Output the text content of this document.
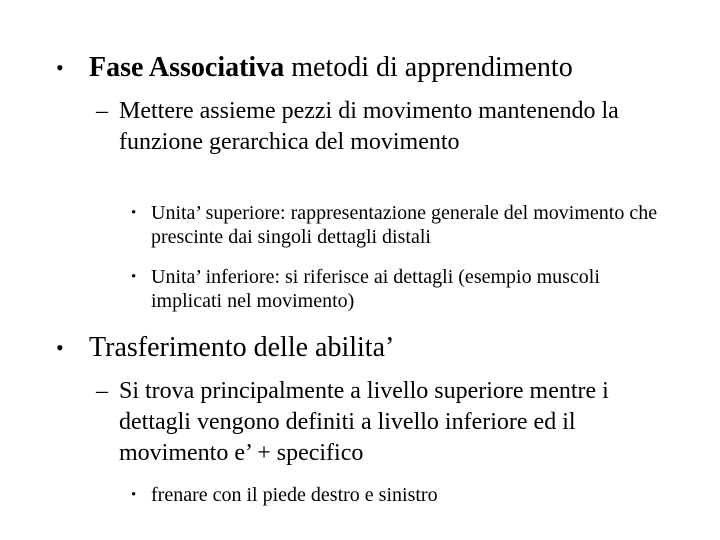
• Fase Associativa metodi di apprendimento
– Mettere assieme pezzi di movimento mantenendo la funzione gerarchica del movimento
• Unita’ superiore: rappresentazione generale del movimento che prescinte dai singoli dettagli distali
• Unita’ inferiore: si riferisce ai dettagli (esempio muscoli implicati nel movimento)
• Trasferimento delle abilita’
– Si trova principalmente a livello superiore mentre i dettagli vengono definiti a livello inferiore ed il movimento e’ + specifico
• frenare con il piede destro e sinistro
